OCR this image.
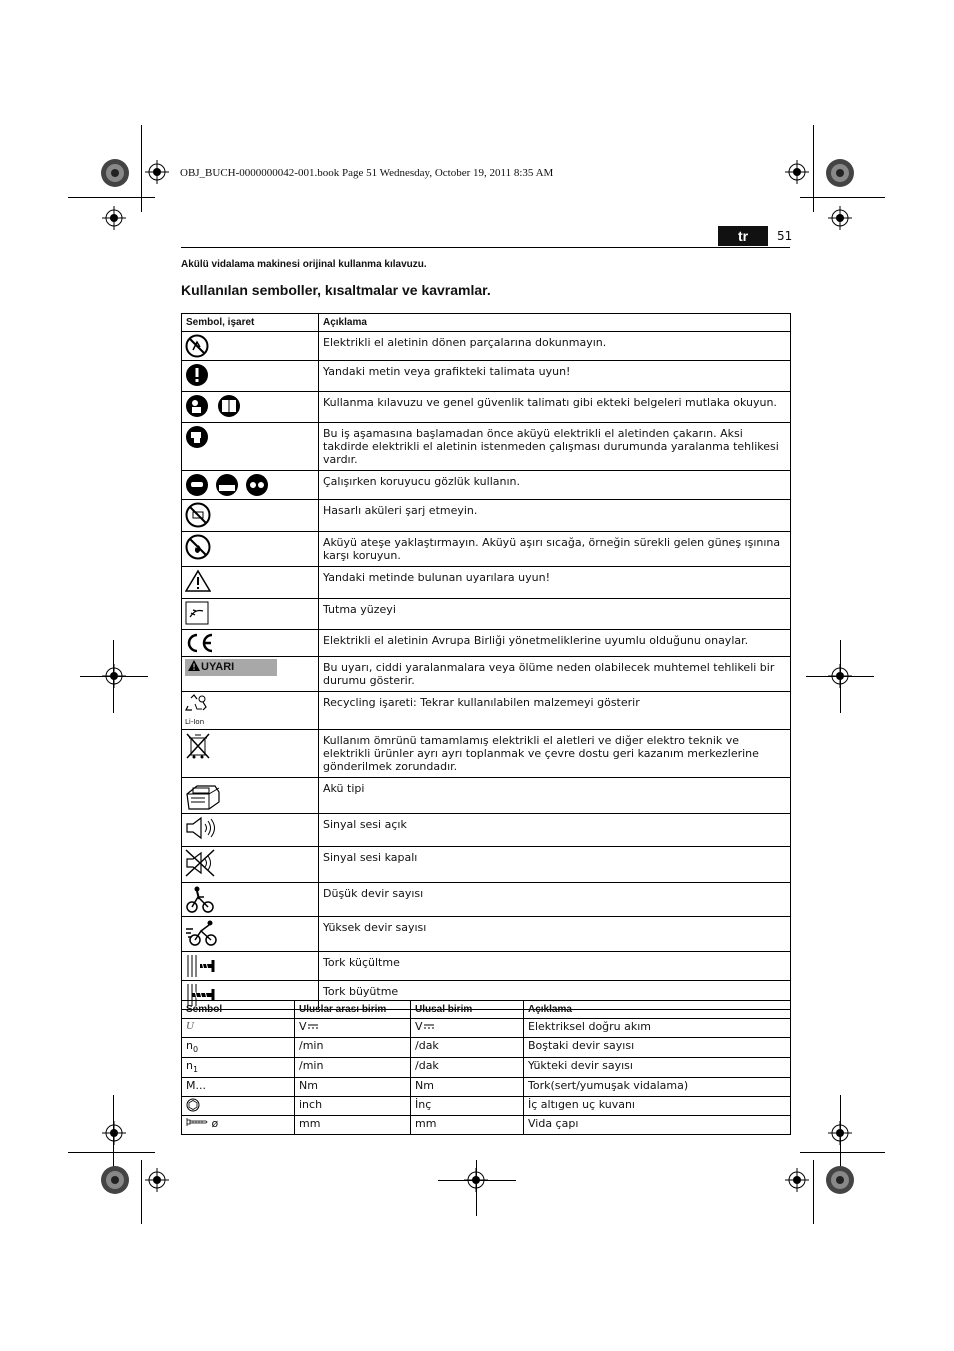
OBJ_BUCH-0000000042-001.book Page 51 Wednesday, October 19, 2011 8:35 AM
tr	51
Akülü vidalama makinesi orijinal kullanma kılavuzu.
Kullanılan semboller, kısaltmalar ve kavramlar.
Sembol, işaret	Açıklama
	Elektrikli el aletinin dönen parçalarına dokunmayın.
	Yandaki metin veya grafikteki talimata uyun!
	Kullanma kılavuzu ve genel güvenlik talimatı gibi ekteki belgeleri mutlaka okuyun.
	Bu iş aşamasına başlamadan önce aküyü elektrikli el aletinden çakarın. Aksi takdirde elektrikli el aletinin istenmeden çalışması durumunda yaralanma tehlikesi vardır.
	Çalışırken koruyucu gözlük kullanın.
	Hasarlı aküleri şarj etmeyin.
	Aküyü ateşe yaklaştırmayın. Aküyü aşırı sıcağa, örneğin sürekli gelen güneş ışınına karşı koruyun.
	Yandaki metinde bulunan uyarılara uyun!
	Tutma yüzeyi
	Elektrikli el aletinin Avrupa Birliği yönetmeliklerine uyumlu olduğunu onaylar.
UYARI	Bu uyarı, ciddi yaralanmalara veya ölüme neden olabilecek muhtemel tehlikeli bir durumu gösterir.

Li-Ion	Recycling işareti: Tekrar kullanılabilen malzemeyi gösterir
	Kullanım ömrünü tamamlamış elektrikli el aletleri ve diğer elektro teknik ve elektrikli ürünler ayrı ayrı toplanmak ve çevre dostu geri kazanım merkezlerine gönderilmek zorundadır.
	Akü tipi
	Sinyal sesi açık
	Sinyal sesi kapalı
	Düşük devir sayısı
	Yüksek devir sayısı
	Tork küçültme
	Tork büyütme
Sembol	Uluslar arası birim	Ulusal birim	Açıklama
U	V	V	Elektriksel doğru akım
$n_0$	/min	/dak	Boştaki devir sayısı
$n_1$	/min	/dak	Yükteki devir sayısı
M...	Nm	Nm	Tork(sert/yumuşak vidalama)
	inch	İnç	İç altıgen uç kuvanı
ø	mm	mm	Vida çapı
